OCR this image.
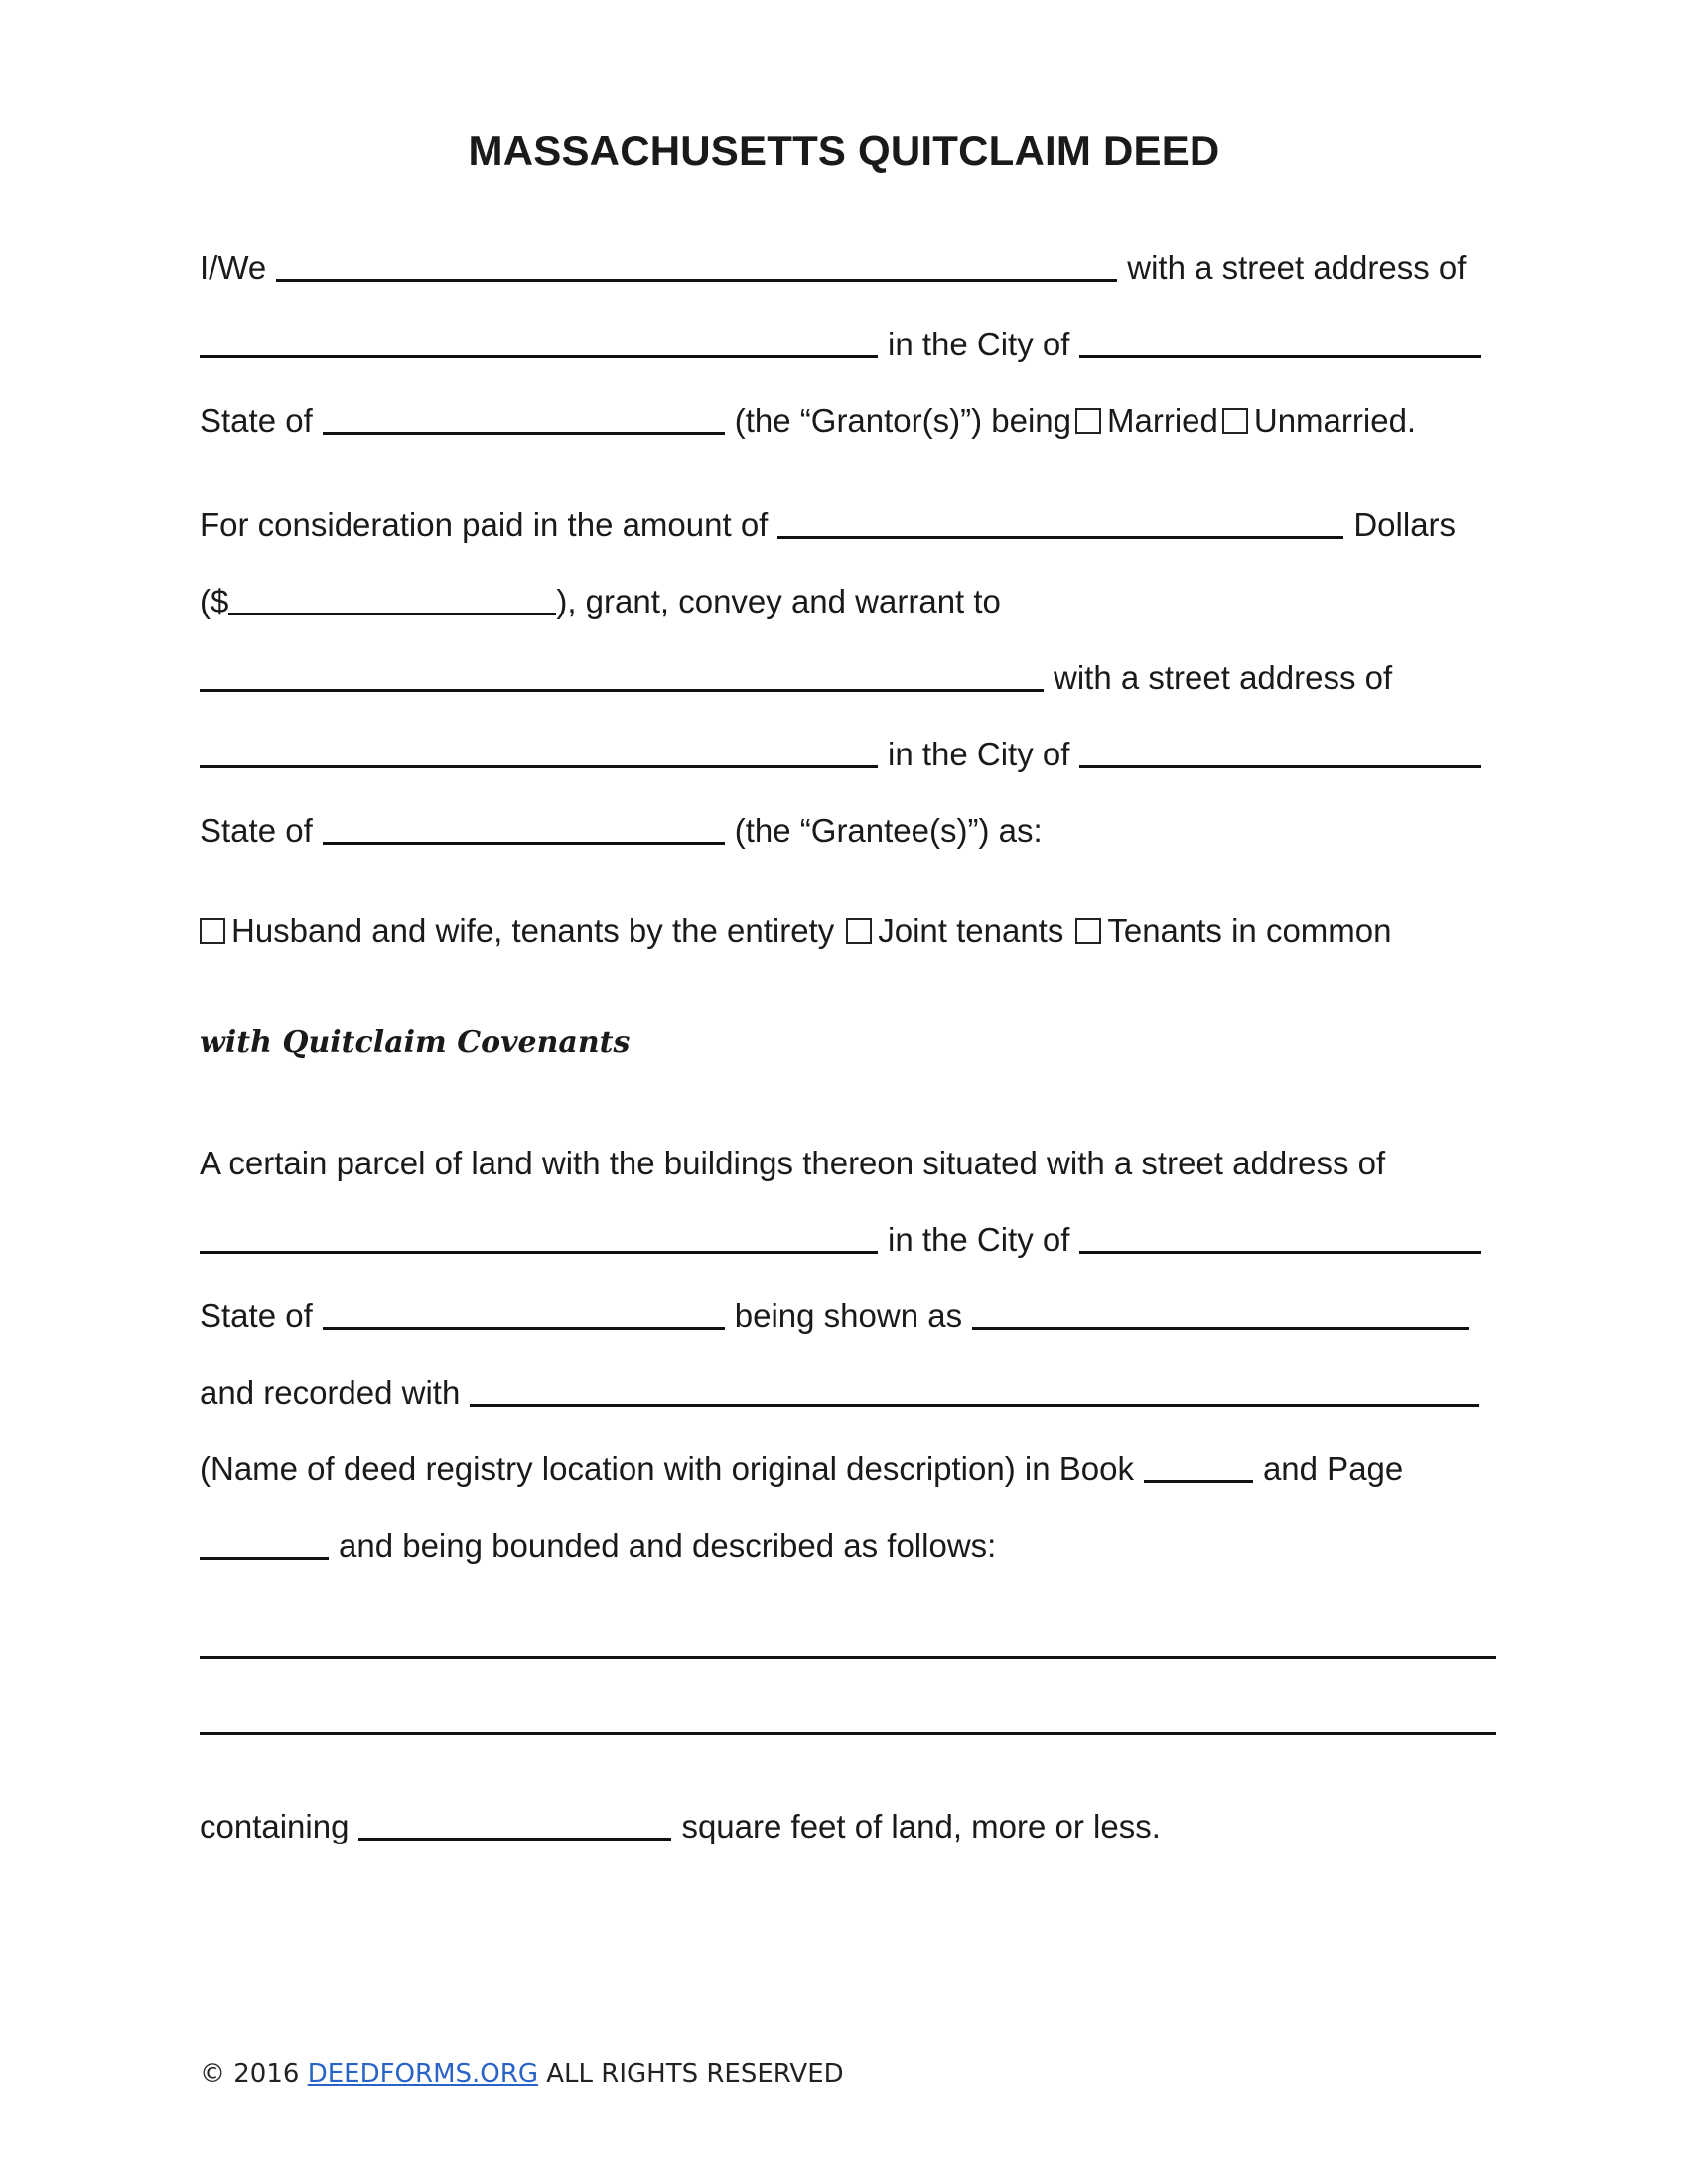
MASSACHUSETTS QUITCLAIM DEED
I/We	with a street address of
in the City of
State of	(the “Grantor(s)”) being Married Unmarried.
For consideration paid in the amount of	Dollars
($	), grant, convey and warrant to
with a street address of
in the City of
State of	(the “Grantee(s)”) as:
Husband and wife, tenants by the entirety Joint tenants Tenants in common
with Quitclaim Covenants
A certain parcel of land with the buildings thereon situated with a street address of
in the City of
State of	being shown as
and recorded with
(Name of deed registry location with original description) in Book	and Page
and being bounded and described as follows:
containing	square feet of land, more or less.
© 2016 DEEDFORMS.ORG ALL RIGHTS RESERVED
